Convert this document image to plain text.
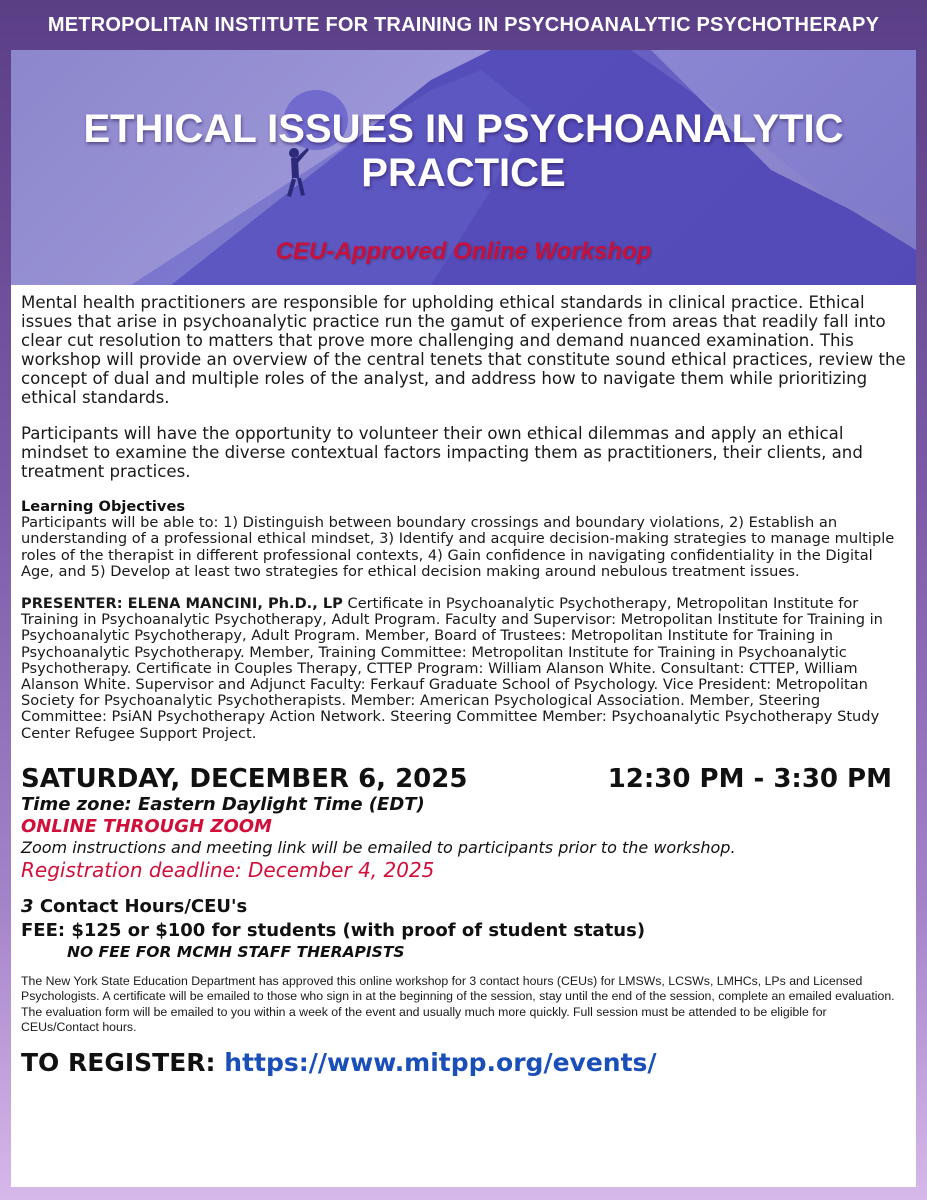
METROPOLITAN INSTITUTE FOR TRAINING IN PSYCHOANALYTIC PSYCHOTHERAPY
ETHICAL ISSUES IN PSYCHOANALYTIC
PRACTICE
CEU-Approved Online Workshop

Mental health practitioners are responsible for upholding ethical standards in clinical practice. Ethical issues that arise in psychoanalytic practice run the gamut of experience from areas that readily fall into clear cut resolution to matters that prove more challenging and demand nuanced examination. This workshop will provide an overview of the central tenets that constitute sound ethical practices, review the concept of dual and multiple roles of the analyst, and address how to navigate them while prioritizing ethical standards.

Participants will have the opportunity to volunteer their own ethical dilemmas and apply an ethical mindset to examine the diverse contextual factors impacting them as practitioners, their clients, and treatment practices.

Learning Objectives

Participants will be able to: 1) Distinguish between boundary crossings and boundary violations, 2) Establish an understanding of a professional ethical mindset, 3) Identify and acquire decision-making strategies to manage multiple roles of the therapist in different professional contexts, 4) Gain confidence in navigating confidentiality in the Digital Age, and 5) Develop at least two strategies for ethical decision making around nebulous treatment issues.

PRESENTER: ELENA MANCINI, Ph.D., LP Certificate in Psychoanalytic Psychotherapy, Metropolitan Institute for Training in Psychoanalytic Psychotherapy, Adult Program. Faculty and Supervisor: Metropolitan Institute for Training in Psychoanalytic Psychotherapy, Adult Program. Member, Board of Trustees: Metropolitan Institute for Training in Psychoanalytic Psychotherapy. Member, Training Committee: Metropolitan Institute for Training in Psychoanalytic Psychotherapy. Certificate in Couples Therapy, CTTEP Program: William Alanson White. Consultant: CTTEP, William Alanson White. Supervisor and Adjunct Faculty: Ferkauf Graduate School of Psychology. Vice President: Metropolitan Society for Psychoanalytic Psychotherapists. Member: American Psychological Association. Member, Steering Committee: PsiAN Psychotherapy Action Network. Steering Committee Member: Psychoanalytic Psychotherapy Study Center Refugee Support Project.

SATURDAY, DECEMBER 6, 2025	12:30 PM - 3:30 PM
Time zone: Eastern Daylight Time (EDT)
ONLINE THROUGH ZOOM
Zoom instructions and meeting link will be emailed to participants prior to the workshop.
Registration deadline: December 4, 2025
3 Contact Hours/CEU's
FEE: $125 or $100 for students (with proof of student status)
NO FEE FOR MCMH STAFF THERAPISTS

The New York State Education Department has approved this online workshop for 3 contact hours (CEUs) for LMSWs, LCSWs, LMHCs, LPs and Licensed Psychologists. A certificate will be emailed to those who sign in at the beginning of the session, stay until the end of the session, complete an emailed evaluation. The evaluation form will be emailed to you within a week of the event and usually much more quickly. Full session must be attended to be eligible for CEUs/Contact hours.

TO REGISTER: https://www.mitpp.org/events/
